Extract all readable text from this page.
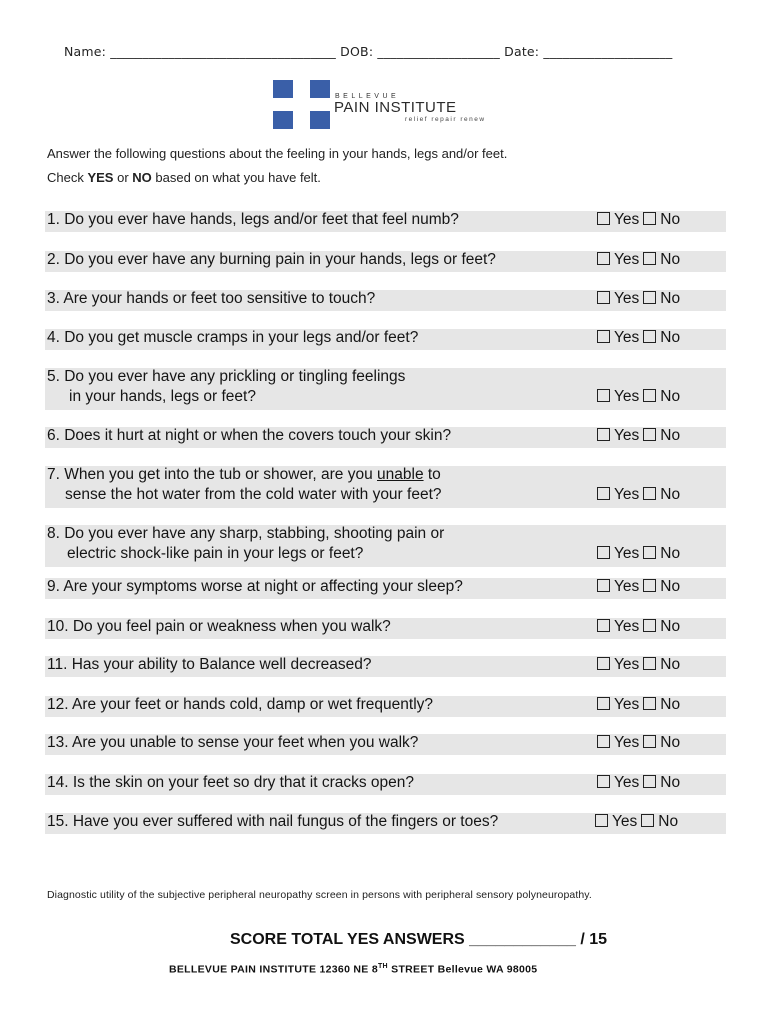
Name: ___________________________________ DOB: ___________________ Date: ____________________
BELLEVUE
PAIN INSTITUTE
relief repair renew
Answer the following questions about the feeling in your hands, legs and/or feet.
Check YES or NO based on what you have felt.
1. Do you ever have hands, legs and/or feet that feel numb?	Yes No
2. Do you ever have any burning pain in your hands, legs or feet?	Yes No
3. Are your hands or feet too sensitive to touch?	Yes No
4. Do you get muscle cramps in your legs and/or feet?	Yes No
5. Do you ever have any prickling or tingling feelings
in your hands, legs or feet?	Yes No
6. Does it hurt at night or when the covers touch your skin?	Yes No
7. When you get into the tub or shower, are you unable to
sense the hot water from the cold water with your feet?	Yes No
8. Do you ever have any sharp, stabbing, shooting pain or
electric shock-like pain in your legs or feet?	Yes No
9. Are your symptoms worse at night or affecting your sleep?	Yes No
10. Do you feel pain or weakness when you walk?	Yes No
11. Has your ability to Balance well decreased?	Yes No
12. Are your feet or hands cold, damp or wet frequently?	Yes No
13. Are you unable to sense your feet when you walk?	Yes No
14. Is the skin on your feet so dry that it cracks open?	Yes No
15. Have you ever suffered with nail fungus of the fingers or toes?	Yes No
Diagnostic utility of the subjective peripheral neuropathy screen in persons with peripheral sensory polyneuropathy.
SCORE TOTAL YES ANSWERS ____________ / 15
BELLEVUE PAIN INSTITUTE 12360 NE 8TH STREET Bellevue WA 98005
